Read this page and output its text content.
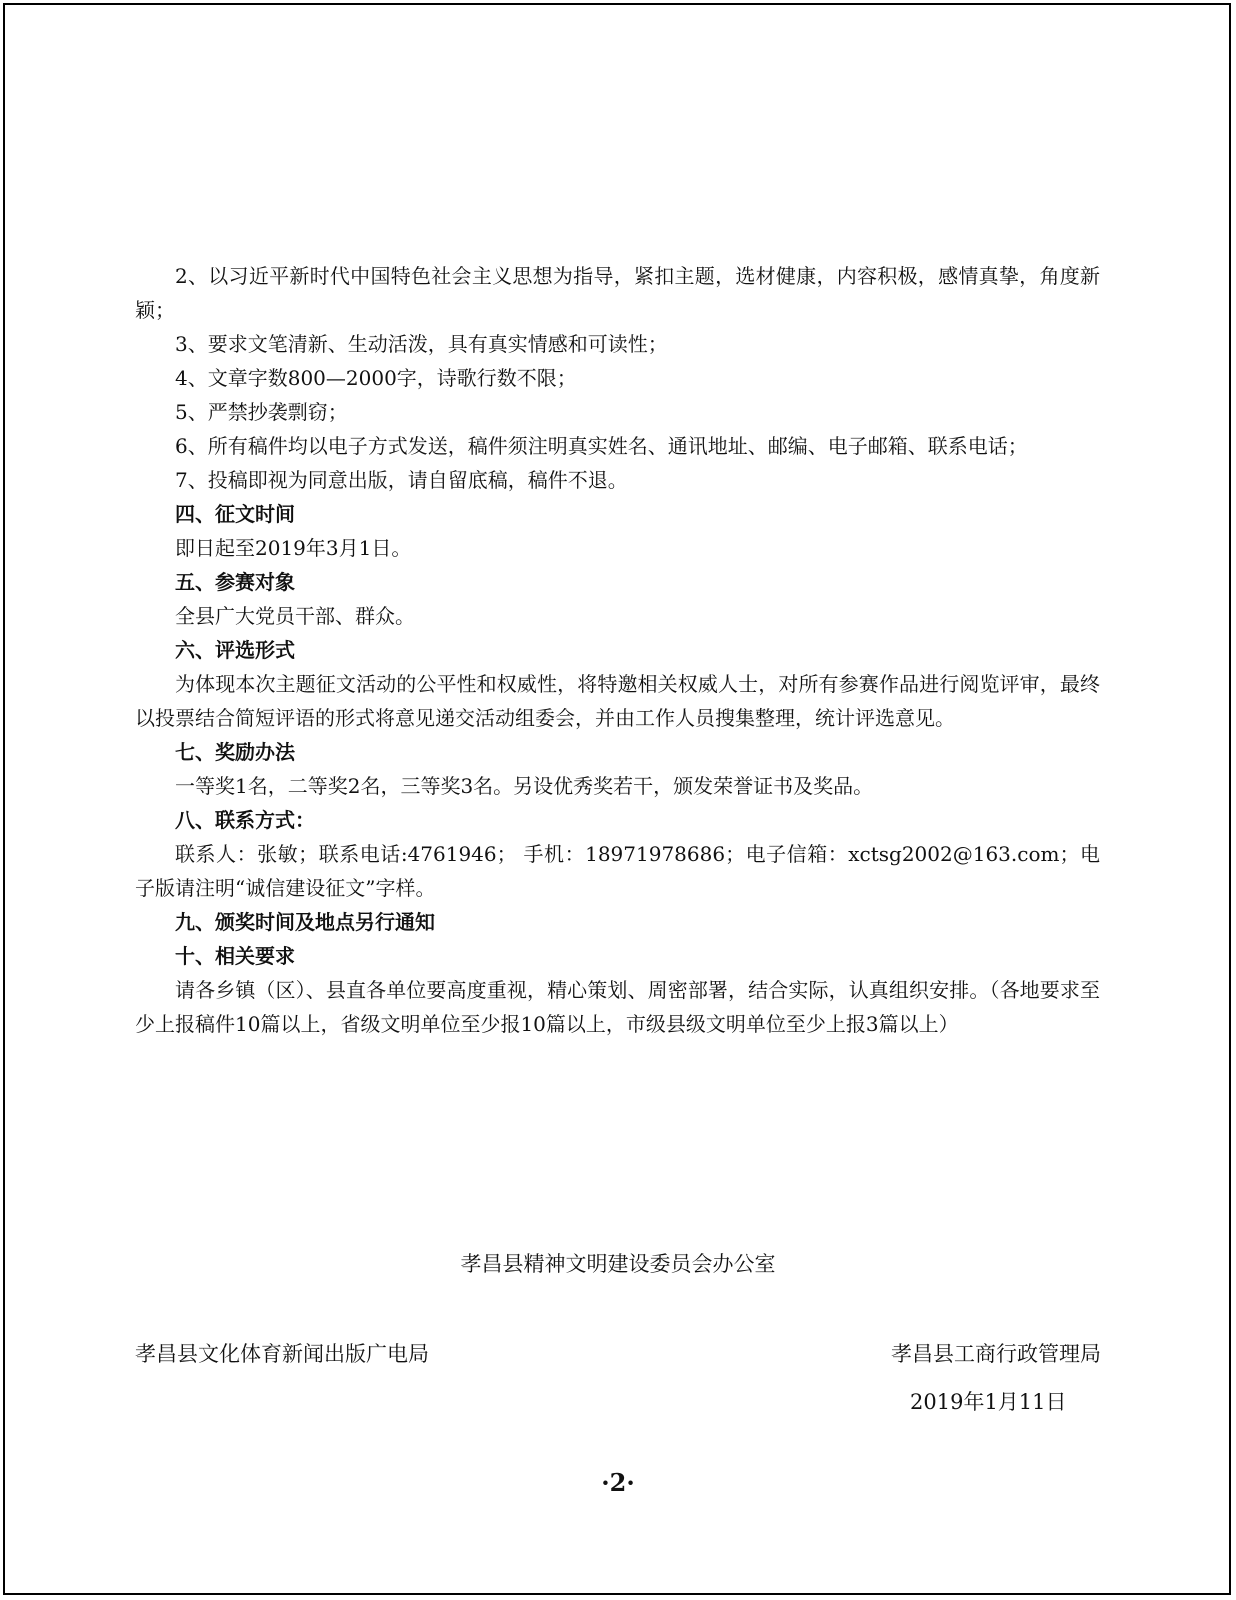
2、以习近平新时代中国特色社会主义思想为指导，紧扣主题，选材健康，内容积极，感情真挚，角度新颖；

3、要求文笔清新、生动活泼，具有真实情感和可读性；

4、文章字数800—2000字，诗歌行数不限；

5、严禁抄袭剽窃；

6、所有稿件均以电子方式发送，稿件须注明真实姓名、通讯地址、邮编、电子邮箱、联系电话；

7、投稿即视为同意出版，请自留底稿，稿件不退。

四、征文时间

即日起至2019年3月1日。

五、参赛对象

全县广大党员干部、群众。

六、评选形式

为体现本次主题征文活动的公平性和权威性，将特邀相关权威人士，对所有参赛作品进行阅览评审，最终以投票结合简短评语的形式将意见递交活动组委会，并由工作人员搜集整理，统计评选意见。

七、奖励办法

一等奖1名，二等奖2名，三等奖3名。另设优秀奖若干，颁发荣誉证书及奖品。

八、联系方式：

联系人：张敏；联系电话:4761946； 手机：18971978686；电子信箱：xctsg2002@163.com；电子版请注明“诚信建设征文”字样。

九、颁奖时间及地点另行通知

十、相关要求

请各乡镇（区）、县直各单位要高度重视，精心策划、周密部署，结合实际，认真组织安排。（各地要求至少上报稿件10篇以上，省级文明单位至少报10篇以上，市级县级文明单位至少上报3篇以上）

孝昌县精神文明建设委员会办公室
孝昌县文化体育新闻出版广电局	孝昌县工商行政管理局
2019年1月11日
·2·
